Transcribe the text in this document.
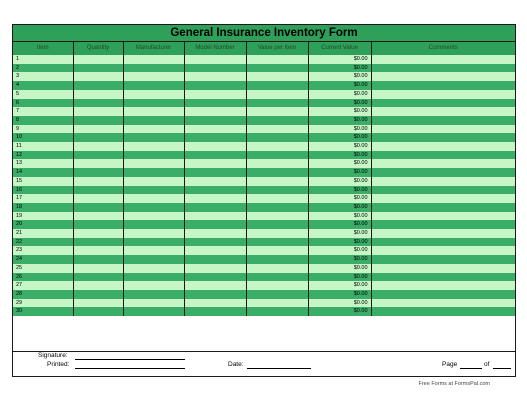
General Insurance Inventory Form
Item	Quantity	Manufacturer	Model Number	Value per Item	Current Value	Comments
1					$0.00	
2					$0.00	
3					$0.00	
4					$0.00	
5					$0.00	
6					$0.00	
7					$0.00	
8					$0.00	
9					$0.00	
10					$0.00	
11					$0.00	
12					$0.00	
13					$0.00	
14					$0.00	
15					$0.00	
16					$0.00	
17					$0.00	
18					$0.00	
19					$0.00	
20					$0.00	
21					$0.00	
22					$0.00	
23					$0.00	
24					$0.00	
25					$0.00	
26					$0.00	
27					$0.00	
28					$0.00	
29					$0.00	
30					$0.00	
Signature:
Printed:	Date:	Page	of
Free Forms at FormsPal.com
